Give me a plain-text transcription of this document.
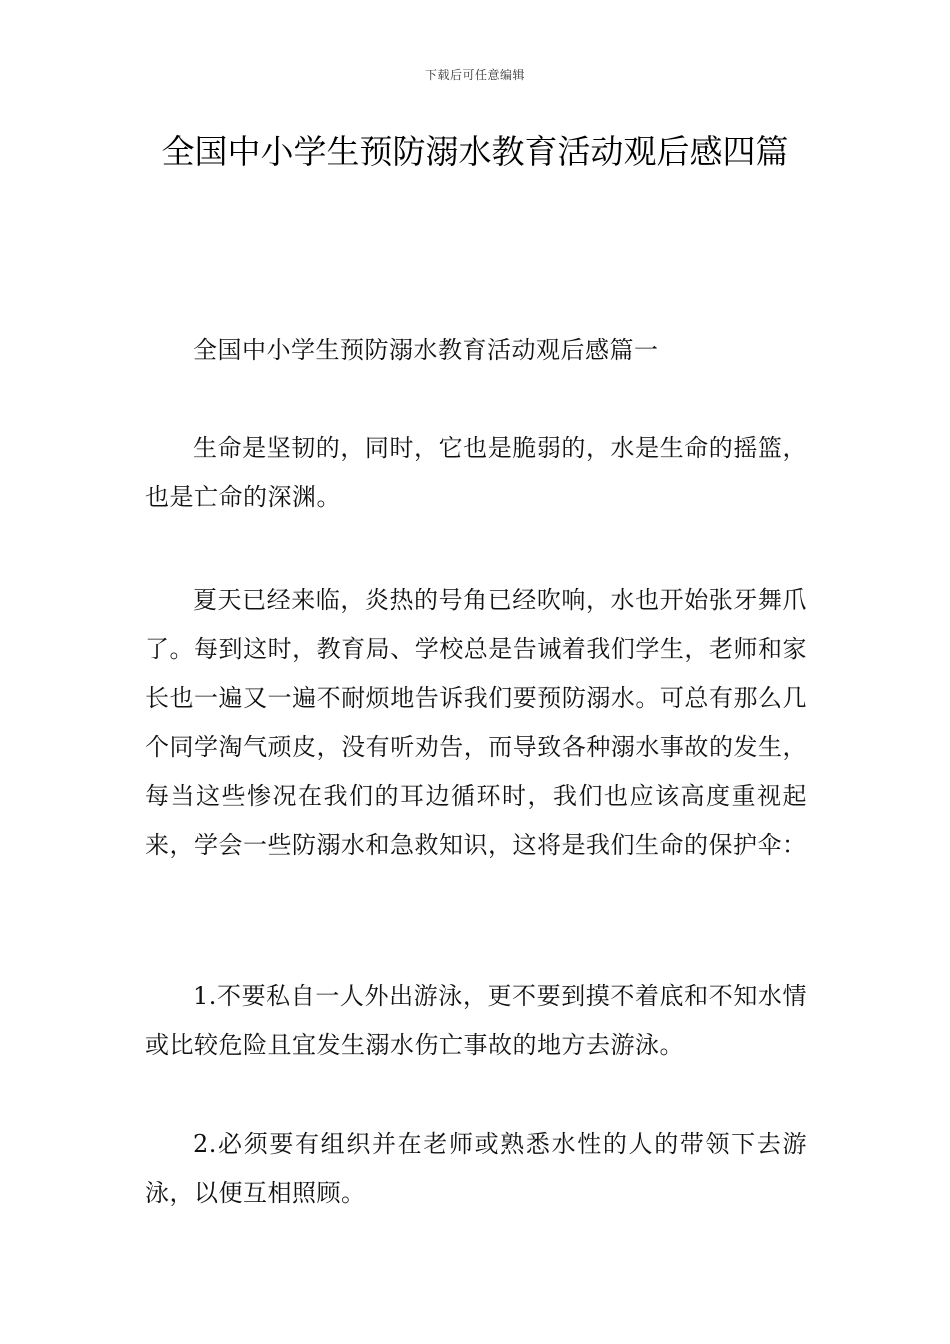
下载后可任意编辑
全国中小学生预防溺水教育活动观后感四篇

全国中小学生预防溺水教育活动观后感篇一

生命是坚韧的，同时，它也是脆弱的，水是生命的摇篮，也是亡命的深渊。

夏天已经来临，炎热的号角已经吹响，水也开始张牙舞爪了。每到这时，教育局、学校总是告诫着我们学生，老师和家长也一遍又一遍不耐烦地告诉我们要预防溺水。可总有那么几个同学淘气顽皮，没有听劝告，而导致各种溺水事故的发生，每当这些惨况在我们的耳边循环时，我们也应该高度重视起来，学会一些防溺水和急救知识，这将是我们生命的保护伞：

1.不要私自一人外出游泳，更不要到摸不着底和不知水情或比较危险且宜发生溺水伤亡事故的地方去游泳。

2.必须要有组织并在老师或熟悉水性的人的带领下去游泳，以便互相照顾。
